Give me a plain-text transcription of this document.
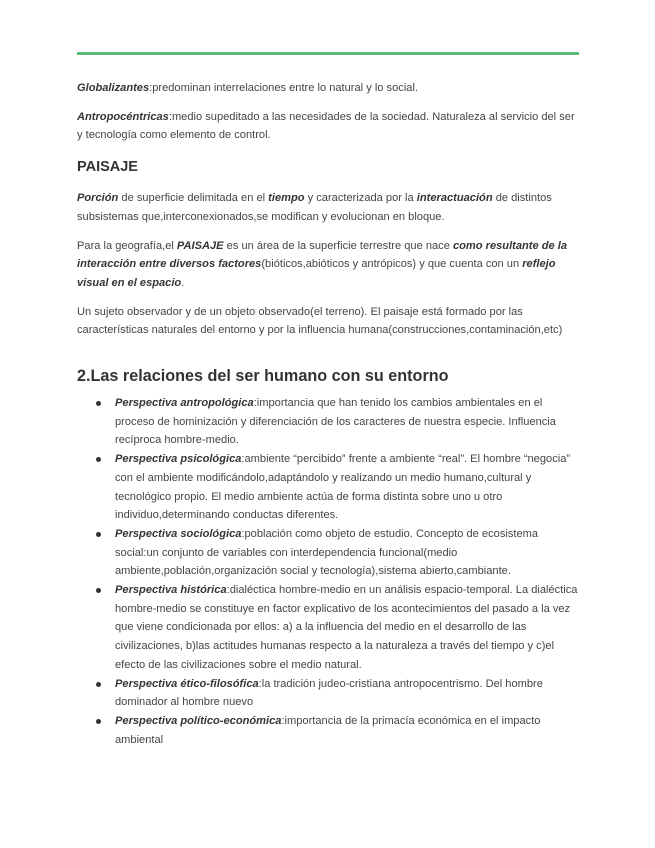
Globalizantes:predominan interrelaciones entre lo natural y lo social.

Antropocéntricas:medio supeditado a las necesidades de la sociedad. Naturaleza al servicio del ser y tecnología como elemento de control.

PAISAJE

Porción de superficie delimitada en el tiempo y caracterizada por la interactuación de distintos subsistemas que,interconexionados,se modifican y evolucionan en bloque.

Para la geografía,el PAISAJE es un área de la superficie terrestre que nace como resultante de la interacción entre diversos factores(bióticos,abióticos y antrópicos) y que cuenta con un reflejo visual en el espacio.

Un sujeto observador y de un objeto observado(el terreno). El paisaje está formado por las características naturales del entorno y por la influencia humana(construcciones,contaminación,etc)

2.Las relaciones del ser humano con su entorno
Perspectiva antropológica:importancia que han tenido los cambios ambientales en el proceso de hominización y diferenciación de los caracteres de nuestra especie. Influencia recíproca hombre-medio.
Perspectiva psicológica:ambiente “percibido” frente a ambiente “real”. El hombre “negocia” con el ambiente modificándolo,adaptándolo y realizando un medio humano,cultural y tecnológico propio. El medio ambiente actúa de forma distinta sobre uno u otro individuo,determinando conductas diferentes.
Perspectiva sociológica:población como objeto de estudio. Concepto de ecosistema social:un conjunto de variables con interdependencia funcional(medio ambiente,población,organización social y tecnología),sistema abierto,cambiante.
Perspectiva histórica:dialéctica hombre-medio en un análisis espacio-temporal. La dialéctica hombre-medio se constituye en factor explicativo de los acontecimientos del pasado a la vez que viene condicionada por ellos: a) a la influencia del medio en el desarrollo de las civilizaciones, b)las actitudes humanas respecto a la naturaleza a través del tiempo y c)el efecto de las civilizaciones sobre el medio natural.
Perspectiva ético-filosófica:la tradición judeo-cristiana antropocentrismo. Del hombre dominador al hombre nuevo
Perspectiva político-económica:importancia de la primacía económica en el impacto ambiental
